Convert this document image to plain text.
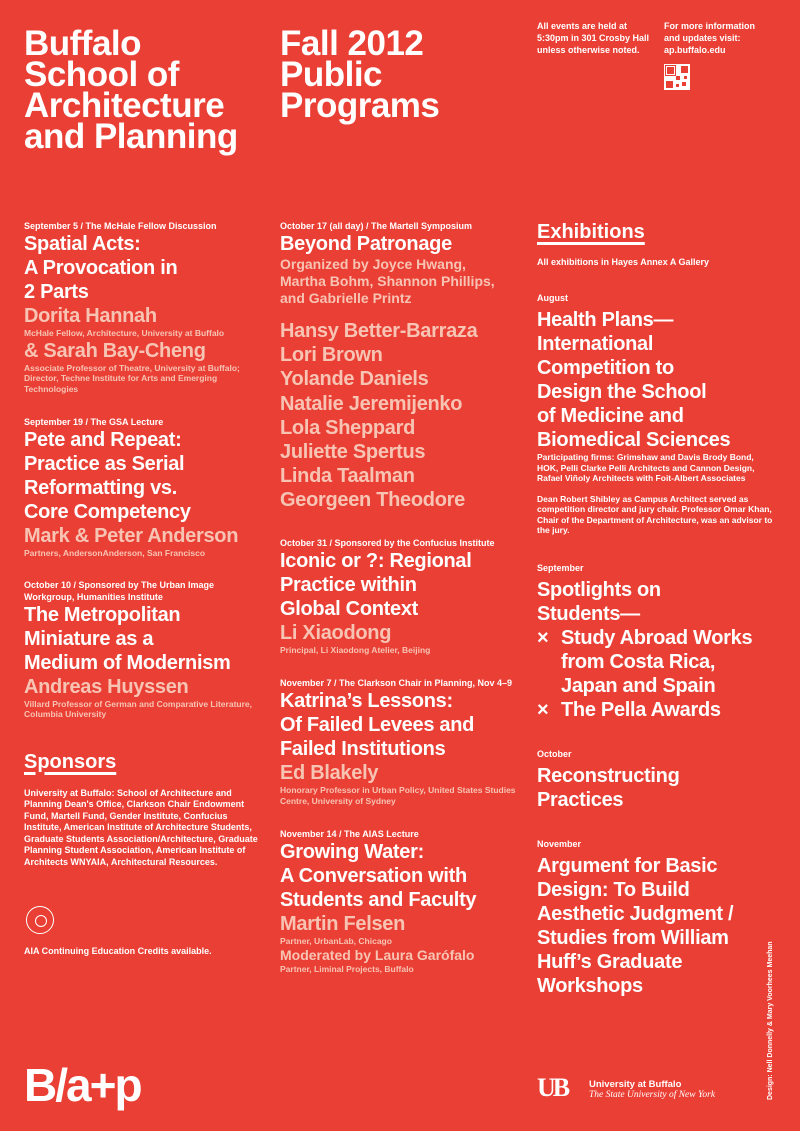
Buffalo
School of
Architecture
and Planning
Fall 2012
Public
Programs
All events are held at
5:30pm in 301 Crosby Hall
unless otherwise noted.
For more information
and updates visit:
ap.buffalo.edu
September 5 / The McHale Fellow Discussion
Spatial Acts:
A Provocation in
2 Parts
Dorita Hannah
McHale Fellow, Architecture, University at Buffalo
& Sarah Bay-Cheng
Associate Professor of Theatre, University at Buffalo; Director, Techne Institute for Arts and Emerging Technologies
September 19 / The GSA Lecture
Pete and Repeat:
Practice as Serial
Reformatting vs.
Core Competency
Mark & Peter Anderson
Partners, AndersonAnderson, San Francisco
October 10 / Sponsored by The Urban Image Workgroup, Humanities Institute
The Metropolitan
Miniature as a
Medium of Modernism
Andreas Huyssen
Villard Professor of German and Comparative Literature, Columbia University
Sponsors
University at Buffalo: School of Architecture and Planning Dean's Office, Clarkson Chair Endowment Fund, Martell Fund, Gender Institute, Confucius Institute, American Institute of Architecture Students, Graduate Students Association/Architecture, Graduate Planning Student Association, American Institute of Architects WNYAIA, Architectural Resources.
AIA Continuing Education Credits available.
October 17 (all day) / The Martell Symposium
Beyond Patronage
Organized by Joyce Hwang,
Martha Bohm, Shannon Phillips,
and Gabrielle Printz
Hansy Better-Barraza
Lori Brown
Yolande Daniels
Natalie Jeremijenko
Lola Sheppard
Juliette Spertus
Linda Taalman
Georgeen Theodore
October 31 / Sponsored by the Confucius Institute
Iconic or ?: Regional
Practice within
Global Context
Li Xiaodong
Principal, Li Xiaodong Atelier, Beijing
November 7 / The Clarkson Chair in Planning, Nov 4–9
Katrina’s Lessons:
Of Failed Levees and
Failed Institutions
Ed Blakely
Honorary Professor in Urban Policy, United States Studies Centre, University of Sydney
November 14 / The AIAS Lecture
Growing Water:
A Conversation with
Students and Faculty
Martin Felsen
Partner, UrbanLab, Chicago
Moderated by Laura Garófalo
Partner, Liminal Projects, Buffalo
Exhibitions
All exhibitions in Hayes Annex A Gallery
August
Health Plans—
International
Competition to
Design the School
of Medicine and
Biomedical Sciences
Participating firms: Grimshaw and Davis Brody Bond, HOK, Pelli Clarke Pelli Architects and Cannon Design, Rafael Viñoly Architects with Foit-Albert Associates
Dean Robert Shibley as Campus Architect served as competition director and jury chair. Professor Omar Khan, Chair of the Department of Architecture, was an advisor to the jury.
September
Spotlights on
Students—
× Study Abroad Works
from Costa Rica,
Japan and Spain
× The Pella Awards
October
Reconstructing
Practices
November
Argument for Basic
Design: To Build
Aesthetic Judgment /
Studies from William
Huff’s Graduate
Workshops
B/a+p	UB University at Buffalo
The State University of New York	Design: Nell Donnelly & Mary Voorhees Meehan
